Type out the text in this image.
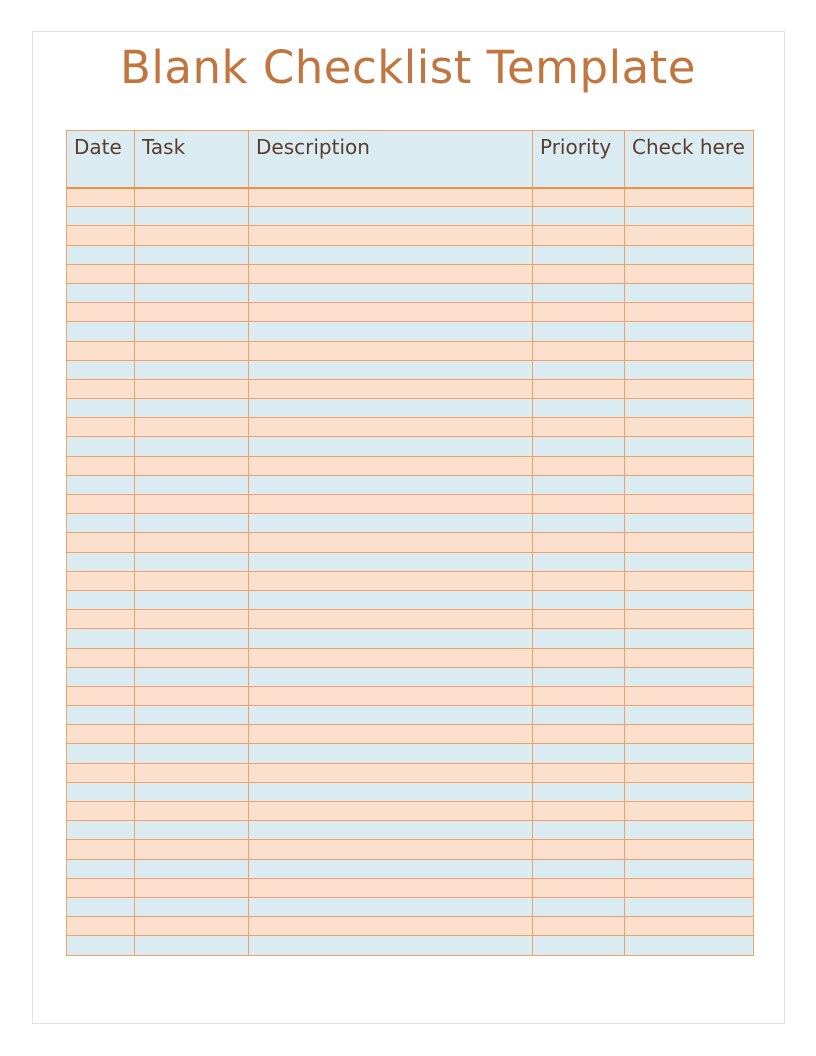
Blank Checklist Template
Date	Task	Description	Priority	Check here
